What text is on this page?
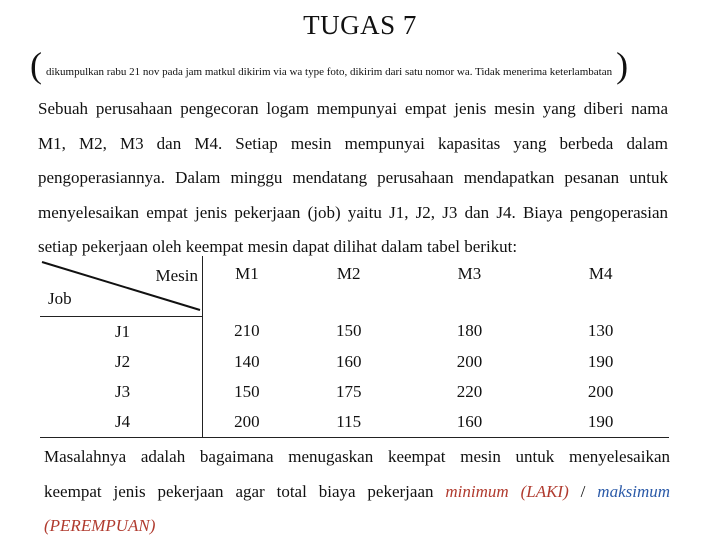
TUGAS 7
( dikumpulkan rabu 21 nov pada jam matkul dikirim via wa type foto, dikirim dari satu nomor wa. Tidak menerima keterlambatan )
Sebuah perusahaan pengecoran logam mempunyai empat jenis mesin yang diberi nama
M1, M2, M3 dan M4. Setiap mesin mempunyai kapasitas yang berbeda dalam
pengoperasiannya. Dalam minggu mendatang perusahaan mendapatkan pesanan untuk
menyelesaikan empat jenis pekerjaan (job) yaitu J1, J2, J3 dan J4. Biaya pengoperasian
setiap pekerjaan oleh keempat mesin dapat dilihat dalam tabel berikut:
Mesin
Job	M1	M2	M3	M4
J1	210	150	180	130
J2	140	160	200	190
J3	150	175	220	200
J4	200	115	160	190
Masalahnya adalah bagaimana menugaskan keempat mesin untuk menyelesaikan
keempat jenis pekerjaan agar total biaya pekerjaan minimum (LAKI) / maksimum
(PEREMPUAN)
